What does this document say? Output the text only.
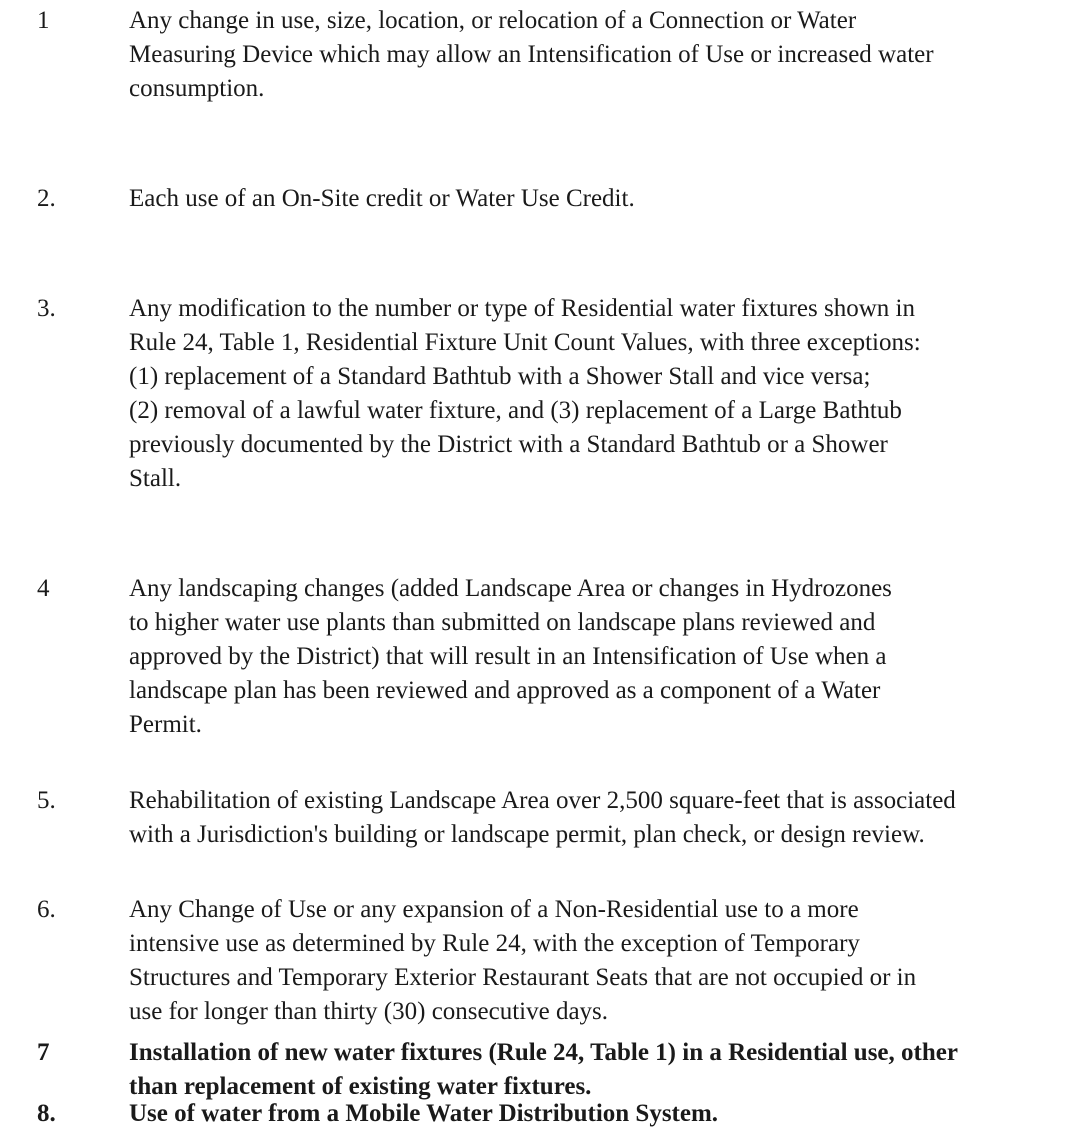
1	Any change in use, size, location, or relocation of a Connection or Water
Measuring Device which may allow an Intensification of Use or increased water
consumption.
2.	Each use of an On-Site credit or Water Use Credit.
3.	Any modification to the number or type of Residential water fixtures shown in
Rule 24, Table 1, Residential Fixture Unit Count Values, with three exceptions:
(1) replacement of a Standard Bathtub with a Shower Stall and vice versa;
(2) removal of a lawful water fixture, and (3) replacement of a Large Bathtub
previously documented by the District with a Standard Bathtub or a Shower
Stall.
4	Any landscaping changes (added Landscape Area or changes in Hydrozones
to higher water use plants than submitted on landscape plans reviewed and
approved by the District) that will result in an Intensification of Use when a
landscape plan has been reviewed and approved as a component of a Water
Permit.
5.	Rehabilitation of existing Landscape Area over 2,500 square-feet that is associated
with a Jurisdiction's building or landscape permit, plan check, or design review.
6.	Any Change of Use or any expansion of a Non-Residential use to a more
intensive use as determined by Rule 24, with the exception of Temporary
Structures and Temporary Exterior Restaurant Seats that are not occupied or in
use for longer than thirty (30) consecutive days.
7	Installation of new water fixtures (Rule 24, Table 1) in a Residential use, other
than replacement of existing water fixtures.
8.	Use of water from a Mobile Water Distribution System.
